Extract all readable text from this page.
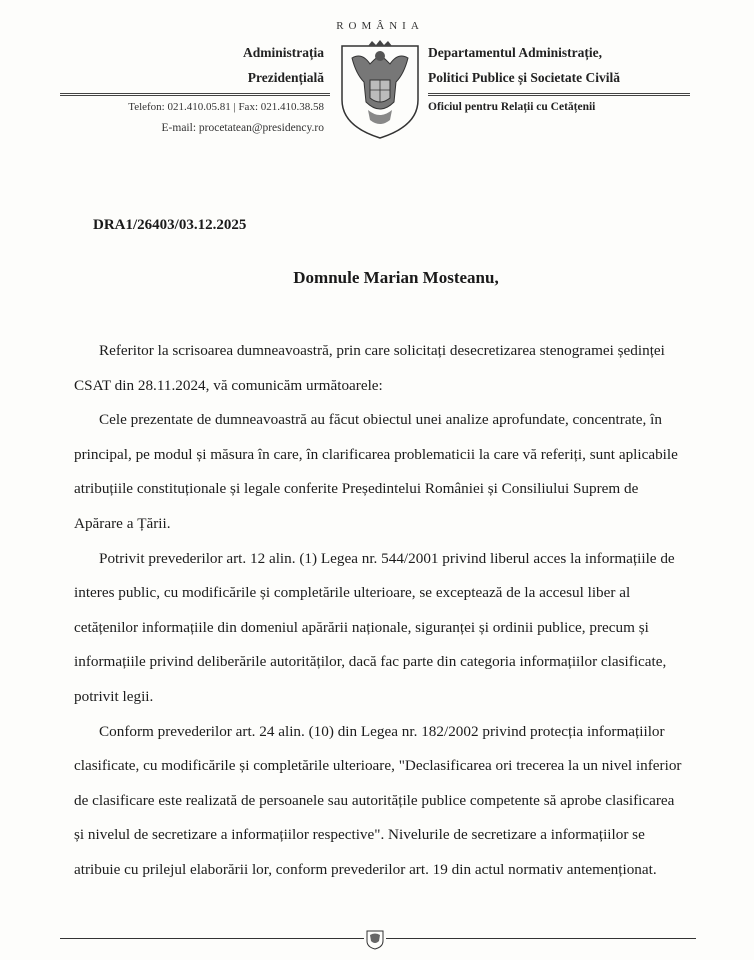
ROMÂNIA
Administrația
Prezidențială
Departamentul Administrație,
Politici Publice și Societate Civilă
Telefon: 021.410.05.81 | Fax: 021.410.38.58
E-mail: procetatean@presidency.ro
Oficiul pentru Relații cu Cetățenii
DRA1/26403/03.12.2025
Domnule Marian Mosteanu,

Referitor la scrisoarea dumneavoastră, prin care solicitați desecretizarea stenogramei ședinței CSAT din 28.11.2024, vă comunicăm următoarele:

Cele prezentate de dumneavoastră au făcut obiectul unei analize aprofundate, concentrate, în principal, pe modul și măsura în care, în clarificarea problematicii la care vă referiți, sunt aplicabile atribuțiile constituționale și legale conferite Președintelui României și Consiliului Suprem de Apărare a Țării.

Potrivit prevederilor art. 12 alin. (1) Legea nr. 544/2001 privind liberul acces la informațiile de interes public, cu modificările și completările ulterioare, se exceptează de la accesul liber al cetățenilor informațiile din domeniul apărării naționale, siguranței și ordinii publice, precum și informațiile privind deliberările autorităților, dacă fac parte din categoria informațiilor clasificate, potrivit legii.

Conform prevederilor art. 24 alin. (10) din Legea nr. 182/2002 privind protecția informațiilor clasificate, cu modificările și completările ulterioare, "Declasificarea ori trecerea la un nivel inferior de clasificare este realizată de persoanele sau autoritățile publice competente să aprobe clasificarea și nivelul de secretizare a informațiilor respective". Nivelurile de secretizare a informațiilor se atribuie cu prilejul elaborării lor, conform prevederilor art. 19 din actul normativ antemenționat.
